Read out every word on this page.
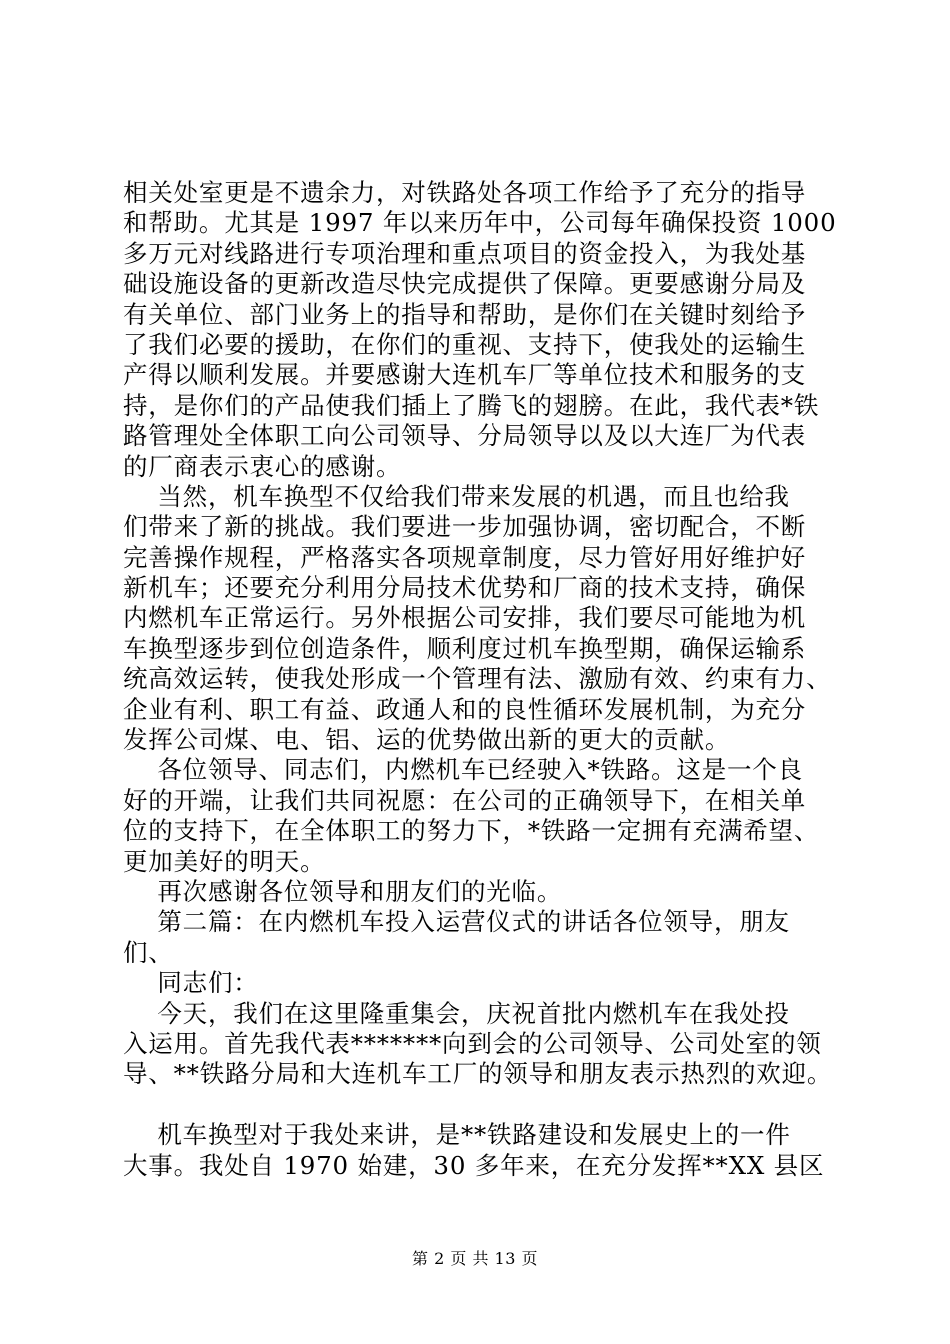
相关处室更是不遗余力，对铁路处各项工作给予了充分的指导
和帮助。尤其是 1997 年以来历年中，公司每年确保投资 1000
多万元对线路进行专项治理和重点项目的资金投入，为我处基
础设施设备的更新改造尽快完成提供了保障。更要感谢分局及
有关单位、部门业务上的指导和帮助，是你们在关键时刻给予
了我们必要的援助，在你们的重视、支持下，使我处的运输生
产得以顺利发展。并要感谢大连机车厂等单位技术和服务的支
持，是你们的产品使我们插上了腾飞的翅膀。在此，我代表*铁
路管理处全体职工向公司领导、分局领导以及以大连厂为代表
的厂商表示衷心的感谢。
当然，机车换型不仅给我们带来发展的机遇，而且也给我
们带来了新的挑战。我们要进一步加强协调，密切配合，不断
完善操作规程，严格落实各项规章制度，尽力管好用好维护好
新机车；还要充分利用分局技术优势和厂商的技术支持，确保
内燃机车正常运行。另外根据公司安排，我们要尽可能地为机
车换型逐步到位创造条件，顺利度过机车换型期，确保运输系
统高效运转，使我处形成一个管理有法、激励有效、约束有力、
企业有利、职工有益、政通人和的良性循环发展机制，为充分
发挥公司煤、电、铝、运的优势做出新的更大的贡献。
各位领导、同志们，内燃机车已经驶入*铁路。这是一个良
好的开端，让我们共同祝愿：在公司的正确领导下，在相关单
位的支持下，在全体职工的努力下，*铁路一定拥有充满希望、
更加美好的明天。
再次感谢各位领导和朋友们的光临。
第二篇：在内燃机车投入运营仪式的讲话各位领导，朋友
们、
同志们：
今天，我们在这里隆重集会，庆祝首批内燃机车在我处投
入运用。首先我代表*******向到会的公司领导、公司处室的领
导、**铁路分局和大连机车工厂的领导和朋友表示热烈的欢迎。
机车换型对于我处来讲，是**铁路建设和发展史上的一件
大事。我处自 1970 始建，30 多年来，在充分发挥**XX 县区
第 2 页 共 13 页
